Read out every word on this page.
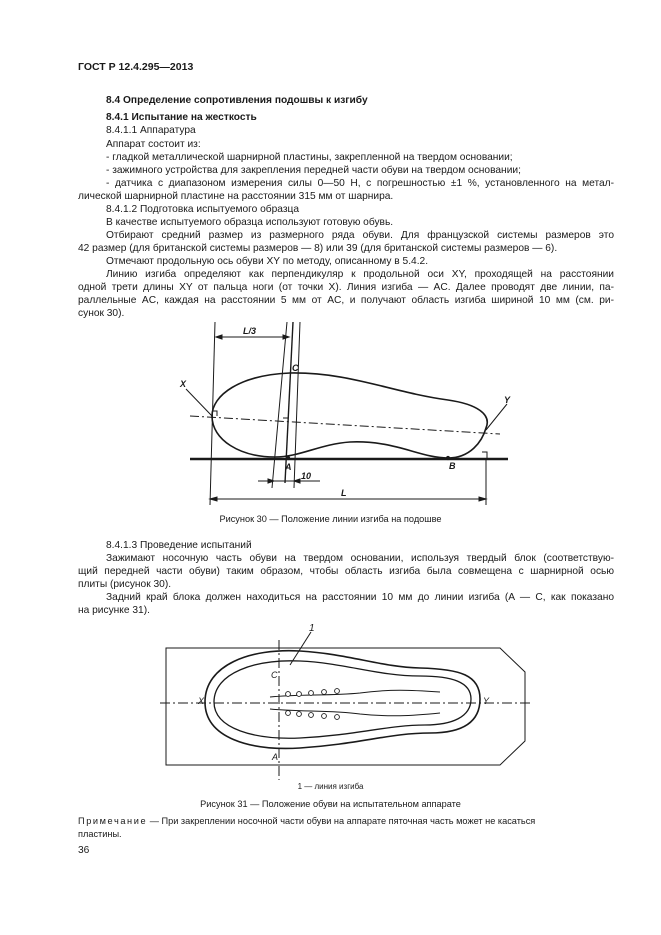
ГОСТ Р 12.4.295—2013
8.4 Определение сопротивления подошвы к изгибу
8.4.1 Испытание на жесткость
8.4.1.1 Аппаратура
Аппарат состоит из:
- гладкой металлической шарнирной пластины, закрепленной на твердом основании;
- зажимного устройства для закрепления передней части обуви на твердом основании;
- датчика с диапазоном измерения силы 0—50 Н, с погрешностью ±1 %, установленного на метал-
лической шарнирной пластине на расстоянии 315 мм от шарнира.
8.4.1.2 Подготовка испытуемого образца
В качестве испытуемого образца используют готовую обувь.
Отбирают средний размер из размерного ряда обуви. Для французской системы размеров это
42 размер (для британской системы размеров — 8) или 39 (для британской системы размеров — 6).
Отмечают продольную ось обуви XY по методу, описанному в 5.4.2.
Линию изгиба определяют как перпендикуляр к продольной оси XY, проходящей на расстоянии
одной трети длины XY от пальца ноги (от точки X). Линия изгиба — AC. Далее проводят две линии, па-
раллельные AC, каждая на расстоянии 5 мм от AC, и получают область изгиба шириной 10 мм (см. ри-
сунок 30).
L/3
X
Y
C
A	B
10
L
Рисунок 30 — Положение линии изгиба на подошве
8.4.1.3 Проведение испытаний
Зажимают носочную часть обуви на твердом основании, используя твердый блок (соответствую-
щий передней части обуви) таким образом, чтобы область изгиба была совмещена с шарнирной осью
плиты (рисунок 30).
Задний край блока должен находиться на расстоянии 10 мм до линии изгиба (A — C, как показано
на рисунке 31).
1
C
X	Y
A
1 — линия изгиба
Рисунок 31 — Положение обуви на испытательном аппарате
Примечание — При закреплении носочной части обуви на аппарате пяточная часть может не касаться
пластины.
36
